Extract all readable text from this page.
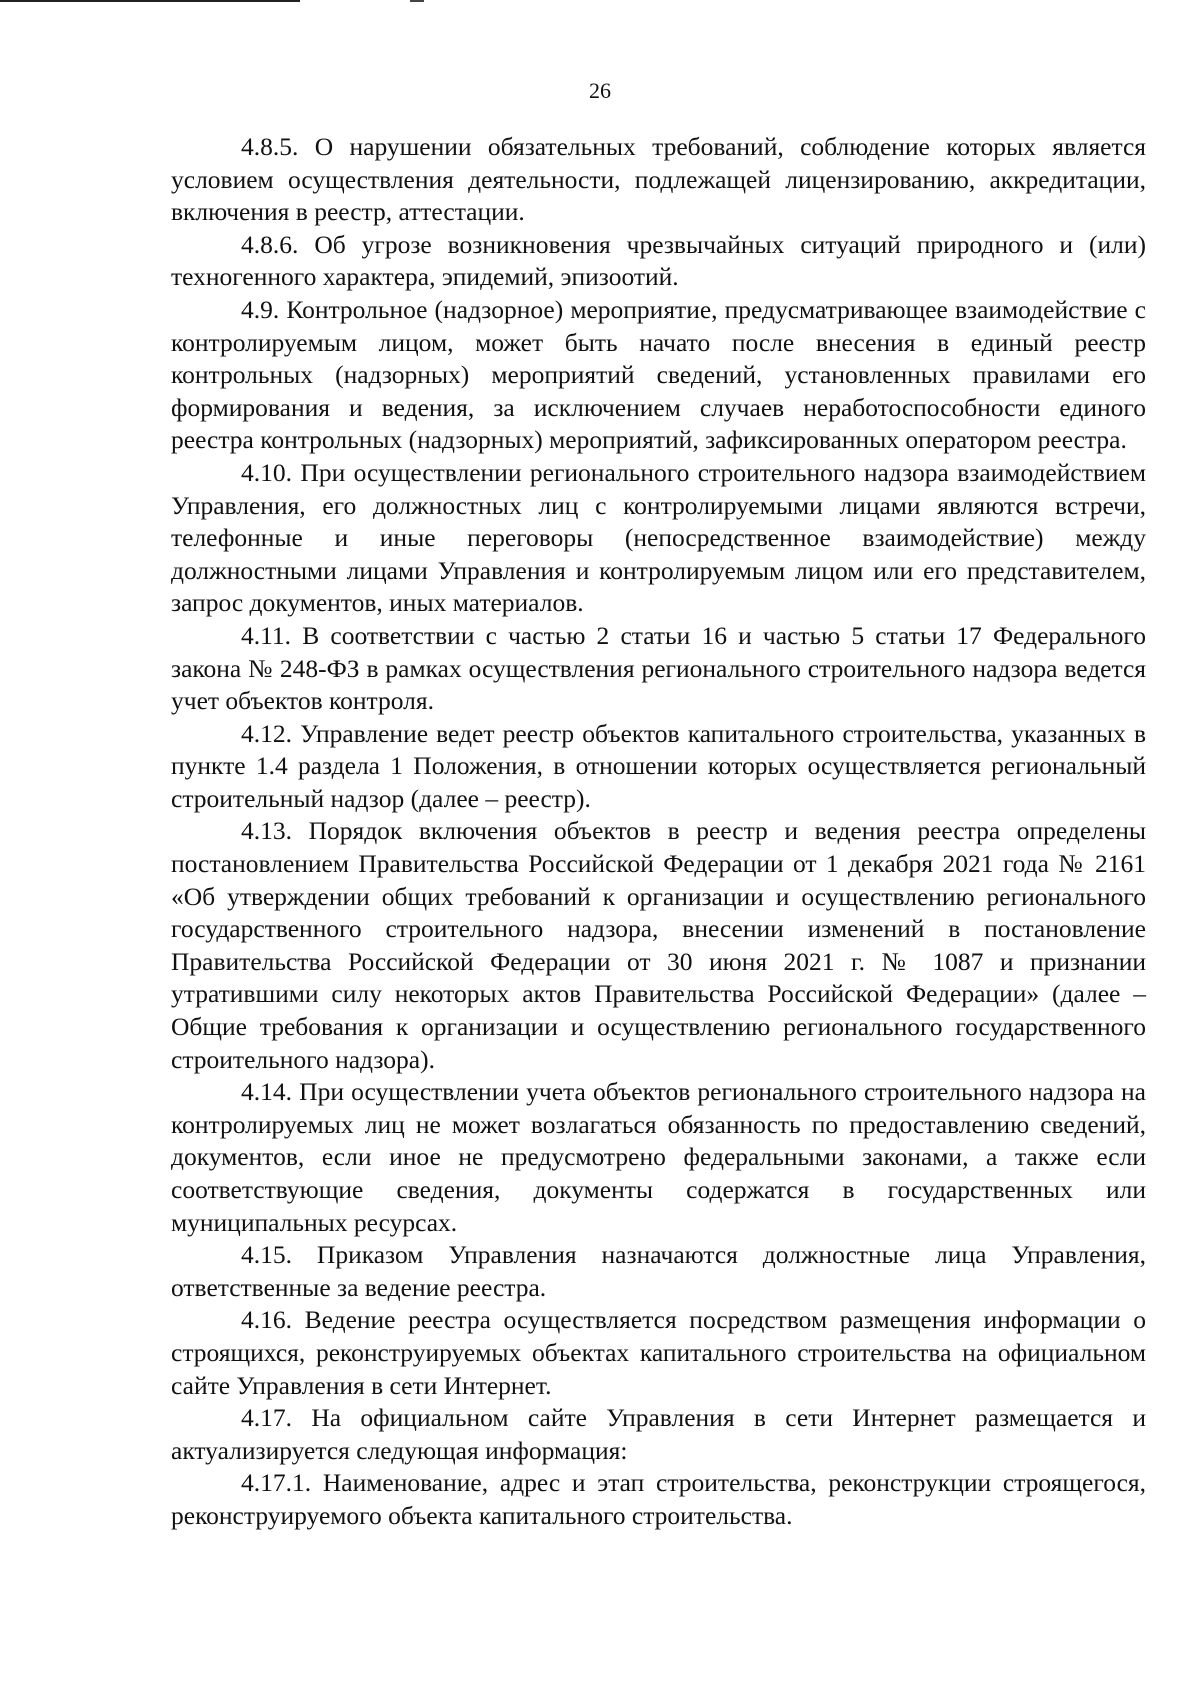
26

4.8.5. О нарушении обязательных требований, соблюдение которых является условием осуществления деятельности, подлежащей лицензированию, аккредитации, включения в реестр, аттестации.

4.8.6. Об угрозе возникновения чрезвычайных ситуаций природного и (или) техногенного характера, эпидемий, эпизоотий.

4.9. Контрольное (надзорное) мероприятие, предусматривающее взаимодействие с контролируемым лицом, может быть начато после внесения в единый реестр контрольных (надзорных) мероприятий сведений, установленных правилами его формирования и ведения, за исключением случаев неработоспособности единого реестра контрольных (надзорных) мероприятий, зафиксированных оператором реестра.

4.10. При осуществлении регионального строительного надзора взаимодействием Управления, его должностных лиц с контролируемыми лицами являются встречи, телефонные и иные переговоры (непосредственное взаимодействие) между должностными лицами Управления и контролируемым лицом или его представителем, запрос документов, иных материалов.

4.11. В соответствии с частью 2 статьи 16 и частью 5 статьи 17 Федерального закона № 248-ФЗ в рамках осуществления регионального строительного надзора ведется учет объектов контроля.

4.12. Управление ведет реестр объектов капитального строительства, указанных в пункте 1.4 раздела 1 Положения, в отношении которых осуществляется региональный строительный надзор (далее – реестр).

4.13. Порядок включения объектов в реестр и ведения реестра определены постановлением Правительства Российской Федерации от 1 декабря 2021 года № 2161 «Об утверждении общих требований к организации и осуществлению регионального государственного строительного надзора, внесении изменений в постановление Правительства Российской Федерации от 30 июня 2021 г. № 1087 и признании утратившими силу некоторых актов Правительства Российской Федерации» (далее – Общие требования к организации и осуществлению регионального государственного строительного надзора).

4.14. При осуществлении учета объектов регионального строительного надзора на контролируемых лиц не может возлагаться обязанность по предоставлению сведений, документов, если иное не предусмотрено федеральными законами, а также если соответствующие сведения, документы содержатся в государственных или муниципальных ресурсах.

4.15. Приказом Управления назначаются должностные лица Управления, ответственные за ведение реестра.

4.16. Ведение реестра осуществляется посредством размещения информации о строящихся, реконструируемых объектах капитального строительства на официальном сайте Управления в сети Интернет.

4.17. На официальном сайте Управления в сети Интернет размещается и актуализируется следующая информация:

4.17.1. Наименование, адрес и этап строительства, реконструкции строящегося, реконструируемого объекта капитального строительства.
